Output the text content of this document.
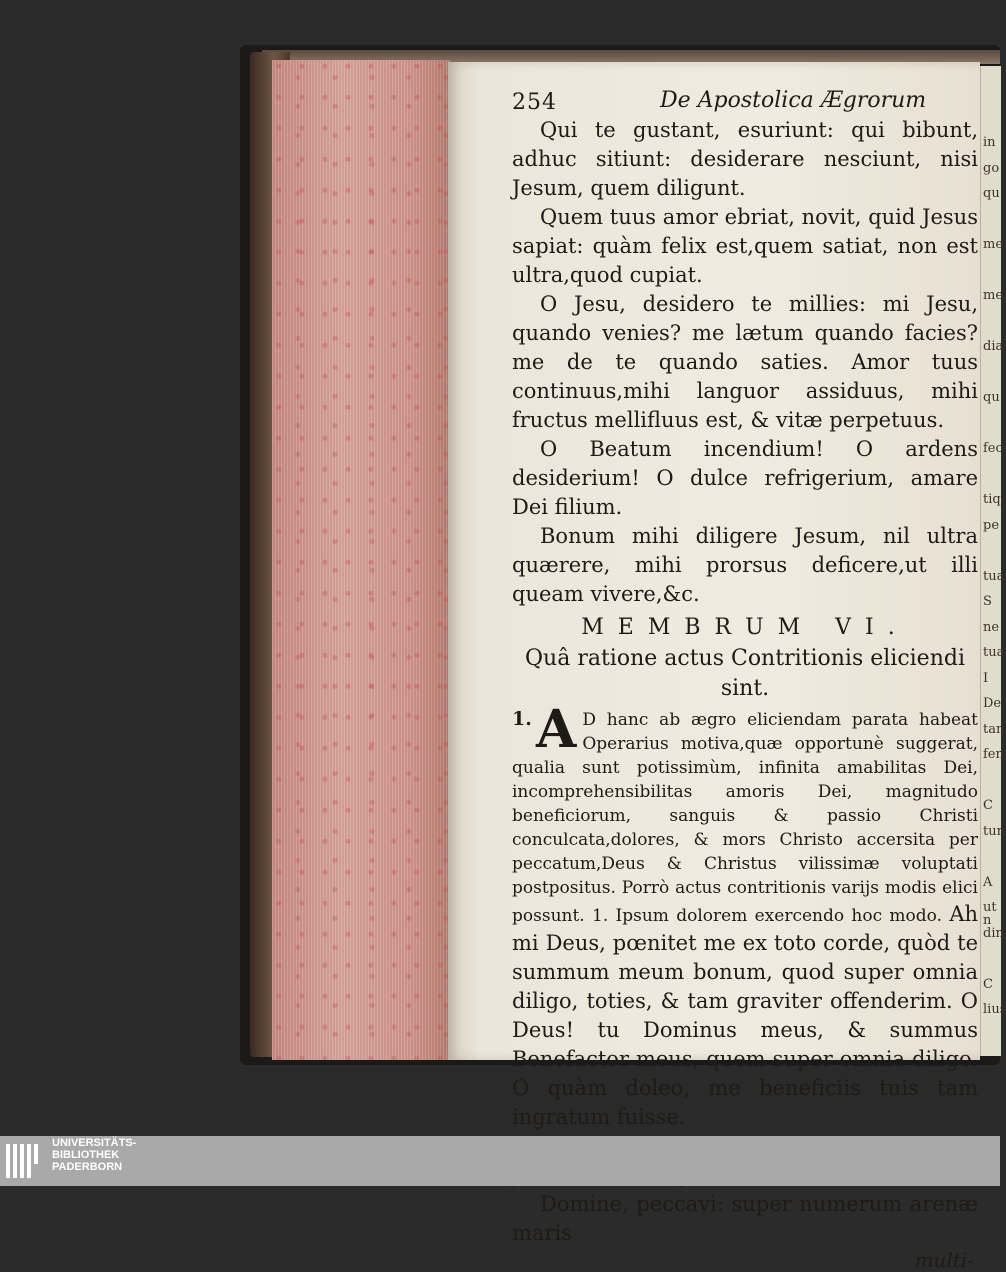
in
go
qu
me
me
dia
qu
fec
tiq
pe
tua
S
ne
tua
I
De
tan
fen
C
tun
A
ut n
din
C
lius
254	De Apostolica Ægrorum

Qui te gustant, esuriunt: qui bibunt, adhuc sitiunt: desiderare nesciunt, nisi Jesum, quem diligunt.

Quem tuus amor ebriat, novit, quid Jesus sapiat: quàm felix est,quem satiat, non est ultra,quod cupiat.

O Jesu, desidero te millies: mi Jesu, quando venies? me lætum quando facies? me de te quando saties. Amor tuus continuus,mihi languor assiduus, mihi fructus mellifluus est, & vitæ perpetuus.

O Beatum incendium! O ardens desiderium! O dulce refrigerium, amare Dei filium.

Bonum mihi diligere Jesum, nil ultra quærere, mihi prorsus deficere,ut illi queam vivere,&c.

MEMBRUM VI.
Quâ ratione actus Contritionis eliciendi sint.
1. A D hanc ab ægro eliciendam parata habeat Operarius motiva,quæ opportunè suggerat, qualia sunt potissimùm, infinita amabilitas Dei, incomprehensibilitas amoris Dei, magnitudo beneficiorum, sanguis & passio Christi conculcata,dolores, & mors Christo accersita per peccatum,Deus & Christus vilissimæ voluptati postpositus. Porrò actus contritionis varijs modis elici possunt. 1. Ipsum dolorem exercendo hoc modo. Ah mi Deus, pœnitet me ex toto corde, quòd te summum meum bonum, quod super omnia diligo, toties, & tam graviter offenderim. O Deus! tu Dominus meus, & summus Benefactor meus, quem super omnia diligo. O quàm doleo, me beneficiis tuis tam ingratum fuisse.

Domine, peccavi: super numerum arenæ maris

multi-

UNIVERSITÄTS-
BIBLIOTHEK
PADERBORN
